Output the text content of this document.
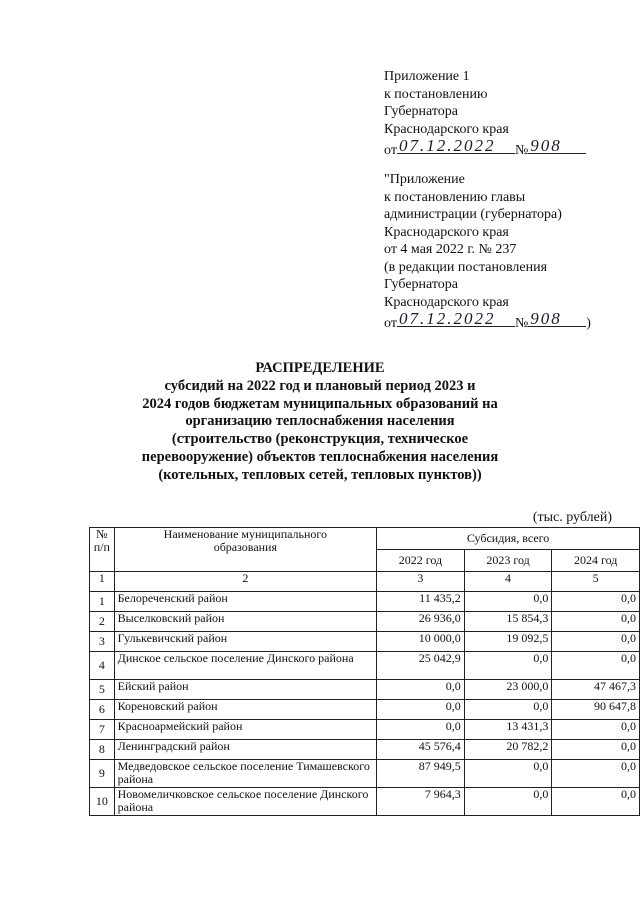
Приложение 1
к постановлению
Губернатора
Краснодарского края
от 07.12.2022 № 908
"Приложение
к постановлению главы
администрации (губернатора)
Краснодарского края
от 4 мая 2022 г. № 237
(в редакции постановления
Губернатора
Краснодарского края
от 07.12.2022 № 908 )
РАСПРЕДЕЛЕНИЕ
субсидий на 2022 год и плановый период 2023 и
2024 годов бюджетам муниципальных образований на
организацию теплоснабжения населения
(строительство (реконструкция, техническое
перевооружение) объектов теплоснабжения населения
(котельных, тепловых сетей, тепловых пунктов))
(тыс. рублей)
№ п/п	Наименование муниципального образования	Субсидия, всего		
		2022 год	2023 год	2024 год
1	2	3	4	5
1	Белореченский район	11 435,2	0,0	0,0
2	Выселковский район	26 936,0	15 854,3	0,0
3	Гулькевичский район	10 000,0	19 092,5	0,0
4	Динское сельское поселение Динского района	25 042,9	0,0	0,0
5	Ейский район	0,0	23 000,0	47 467,3
6	Кореновский район	0,0	0,0	90 647,8
7	Красноармейский район	0,0	13 431,3	0,0
8	Ленинградский район	45 576,4	20 782,2	0,0
9	Медведовское сельское поселение Тимашевского района	87 949,5	0,0	0,0
10	Новомеличковское сельское поселение Динского района	7 964,3	0,0	0,0
